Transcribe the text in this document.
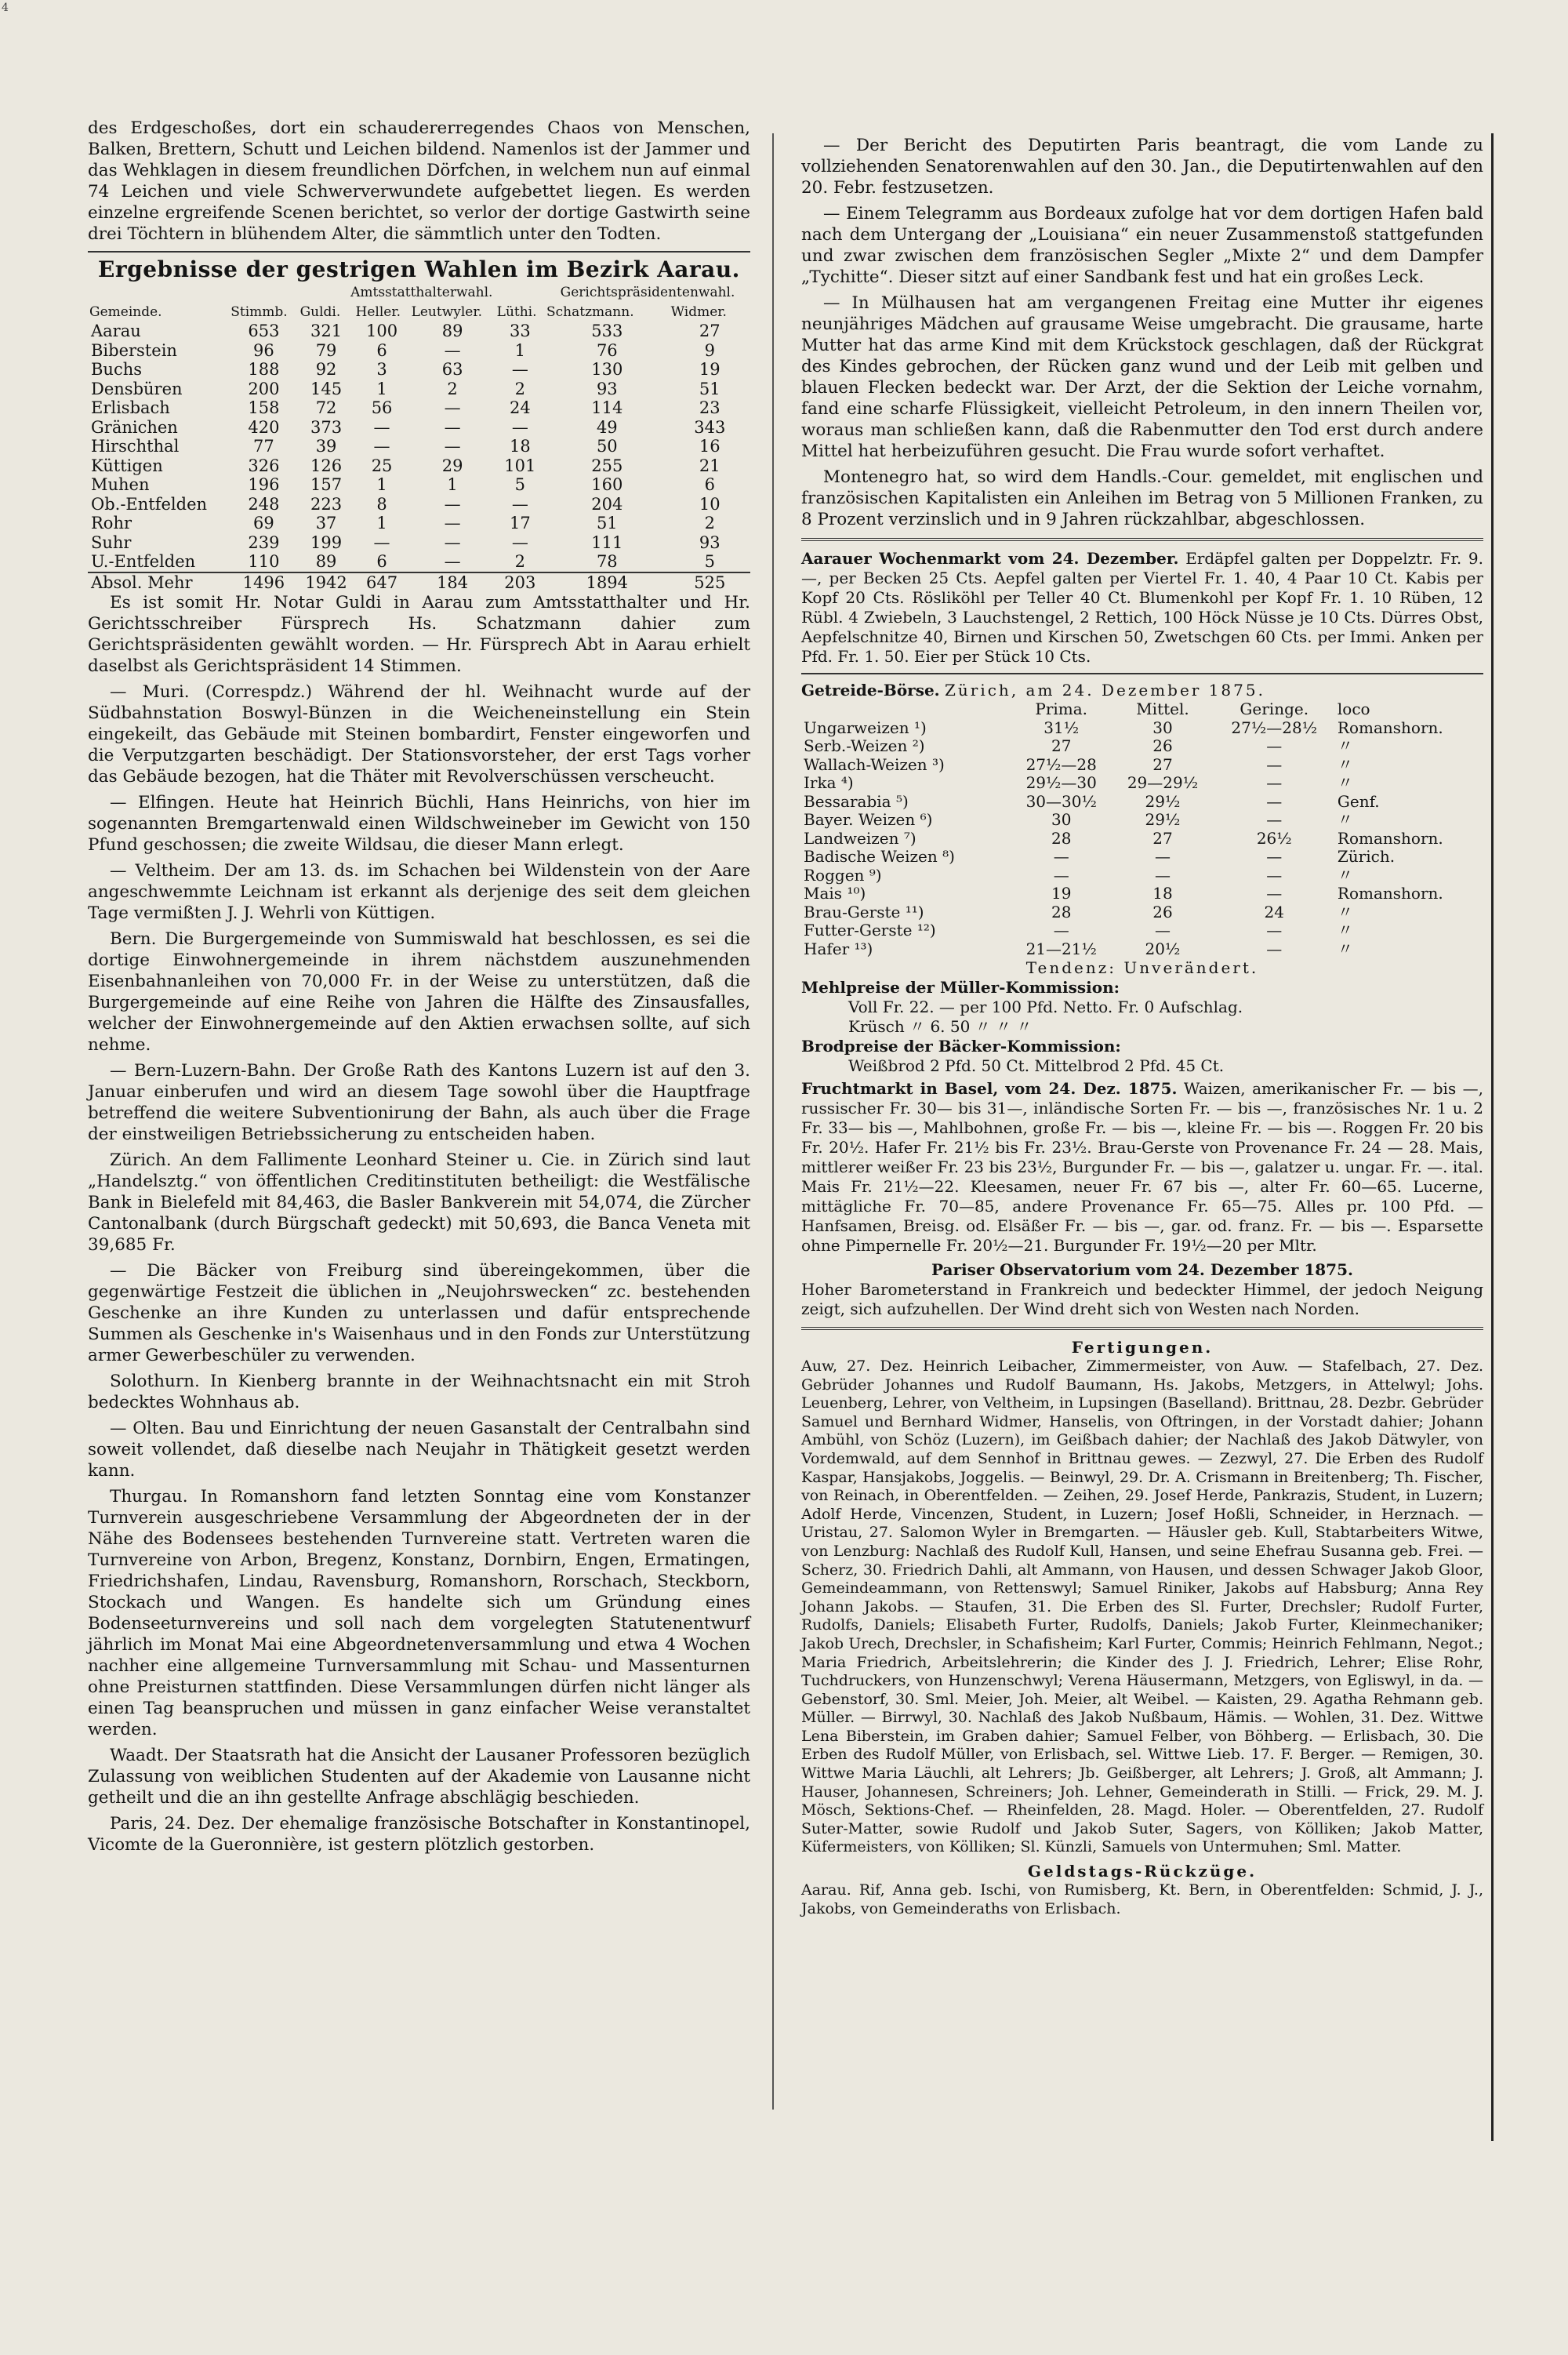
4

des Erdgeschoßes, dort ein schaudererregendes Chaos von Menschen, Balken, Brettern, Schutt und Leichen bildend. Namenlos ist der Jammer und das Wehklagen in diesem freundlichen Dörfchen, in welchem nun auf einmal 74 Leichen und viele Schwerverwundete aufgebettet liegen. Es werden einzelne ergreifende Scenen berichtet, so verlor der dortige Gastwirth seine drei Töchtern in blühendem Alter, die sämmtlich unter den Todten.

Ergebnisse der gestrigen Wahlen im Bezirk Aarau.
		Amtsstatthalterwahl.				Gerichtspräsidentenwahl.	
Gemeinde.	Stimmb.	Guldi.	Heller.	Leutwyler.	Lüthi.	Schatzmann.	Widmer.
Aarau	653	321	100	89	33	533	27
Biberstein	96	79	6	—	1	76	9
Buchs	188	92	3	63	—	130	19
Densbüren	200	145	1	2	2	93	51
Erlisbach	158	72	56	—	24	114	23
Gränichen	420	373	—	—	—	49	343
Hirschthal	77	39	—	—	18	50	16
Küttigen	326	126	25	29	101	255	21
Muhen	196	157	1	1	5	160	6
Ob.-Entfelden	248	223	8	—	—	204	10
Rohr	69	37	1	—	17	51	2
Suhr	239	199	—	—	—	111	93
U.-Entfelden	110	89	6	—	2	78	5
Absol. Mehr	1496	1942	647	184	203	1894	525

Es ist somit Hr. Notar Guldi in Aarau zum Amtsstatthalter und Hr. Gerichtsschreiber Fürsprech Hs. Schatzmann dahier zum Gerichtspräsidenten gewählt worden. — Hr. Fürsprech Abt in Aarau erhielt daselbst als Gerichtspräsident 14 Stimmen.

— Muri. (Correspdz.) Während der hl. Weihnacht wurde auf der Südbahnstation Boswyl-Bünzen in die Weicheneinstellung ein Stein eingekeilt, das Gebäude mit Steinen bombardirt, Fenster eingeworfen und die Verputzgarten beschädigt. Der Stationsvorsteher, der erst Tags vorher das Gebäude bezogen, hat die Thäter mit Revolverschüssen verscheucht.

— Elfingen. Heute hat Heinrich Büchli, Hans Heinrichs, von hier im sogenannten Bremgartenwald einen Wildschweineber im Gewicht von 150 Pfund geschossen; die zweite Wildsau, die dieser Mann erlegt.

— Veltheim. Der am 13. ds. im Schachen bei Wildenstein von der Aare angeschwemmte Leichnam ist erkannt als derjenige des seit dem gleichen Tage vermißten J. J. Wehrli von Küttigen.

Bern. Die Burgergemeinde von Summiswald hat beschlossen, es sei die dortige Einwohnergemeinde in ihrem nächstdem auszunehmenden Eisenbahnanleihen von 70,000 Fr. in der Weise zu unterstützen, daß die Burgergemeinde auf eine Reihe von Jahren die Hälfte des Zinsausfalles, welcher der Einwohnergemeinde auf den Aktien erwachsen sollte, auf sich nehme.

— Bern-Luzern-Bahn. Der Große Rath des Kantons Luzern ist auf den 3. Januar einberufen und wird an diesem Tage sowohl über die Hauptfrage betreffend die weitere Subventionirung der Bahn, als auch über die Frage der einstweiligen Betriebssicherung zu entscheiden haben.

Zürich. An dem Fallimente Leonhard Steiner u. Cie. in Zürich sind laut „Handelsztg.“ von öffentlichen Creditinstituten betheiligt: die Westfälische Bank in Bielefeld mit 84,463, die Basler Bankverein mit 54,074, die Zürcher Cantonalbank (durch Bürgschaft gedeckt) mit 50,693, die Banca Veneta mit 39,685 Fr.

— Die Bäcker von Freiburg sind übereingekommen, über die gegenwärtige Festzeit die üblichen in „Neujohrswecken“ zc. bestehenden Geschenke an ihre Kunden zu unterlassen und dafür entsprechende Summen als Geschenke in's Waisenhaus und in den Fonds zur Unterstützung armer Gewerbeschüler zu verwenden.

Solothurn. In Kienberg brannte in der Weihnachtsnacht ein mit Stroh bedecktes Wohnhaus ab.

— Olten. Bau und Einrichtung der neuen Gasanstalt der Centralbahn sind soweit vollendet, daß dieselbe nach Neujahr in Thätigkeit gesetzt werden kann.

Thurgau. In Romanshorn fand letzten Sonntag eine vom Konstanzer Turnverein ausgeschriebene Versammlung der Abgeordneten der in der Nähe des Bodensees bestehenden Turnvereine statt. Vertreten waren die Turnvereine von Arbon, Bregenz, Konstanz, Dornbirn, Engen, Ermatingen, Friedrichshafen, Lindau, Ravensburg, Romanshorn, Rorschach, Steckborn, Stockach und Wangen. Es handelte sich um Gründung eines Bodenseeturnvereins und soll nach dem vorgelegten Statutenentwurf jährlich im Monat Mai eine Abgeordnetenversammlung und etwa 4 Wochen nachher eine allgemeine Turnversammlung mit Schau- und Massenturnen ohne Preisturnen stattfinden. Diese Versammlungen dürfen nicht länger als einen Tag beanspruchen und müssen in ganz einfacher Weise veranstaltet werden.

Waadt. Der Staatsrath hat die Ansicht der Lausaner Professoren bezüglich Zulassung von weiblichen Studenten auf der Akademie von Lausanne nicht getheilt und die an ihn gestellte Anfrage abschlägig beschieden.

Paris, 24. Dez. Der ehemalige französische Botschafter in Konstantinopel, Vicomte de la Gueronnière, ist gestern plötzlich gestorben.

— Der Bericht des Deputirten Paris beantragt, die vom Lande zu vollziehenden Senatorenwahlen auf den 30. Jan., die Deputirtenwahlen auf den 20. Febr. festzusetzen.

— Einem Telegramm aus Bordeaux zufolge hat vor dem dortigen Hafen bald nach dem Untergang der „Louisiana“ ein neuer Zusammenstoß stattgefunden und zwar zwischen dem französischen Segler „Mixte 2“ und dem Dampfer „Tychitte“. Dieser sitzt auf einer Sandbank fest und hat ein großes Leck.

— In Mülhausen hat am vergangenen Freitag eine Mutter ihr eigenes neunjähriges Mädchen auf grausame Weise umgebracht. Die grausame, harte Mutter hat das arme Kind mit dem Krückstock geschlagen, daß der Rückgrat des Kindes gebrochen, der Rücken ganz wund und der Leib mit gelben und blauen Flecken bedeckt war. Der Arzt, der die Sektion der Leiche vornahm, fand eine scharfe Flüssigkeit, vielleicht Petroleum, in den innern Theilen vor, woraus man schließen kann, daß die Rabenmutter den Tod erst durch andere Mittel hat herbeizuführen gesucht. Die Frau wurde sofort verhaftet.

Montenegro hat, so wird dem Handls.-Cour. gemeldet, mit englischen und französischen Kapitalisten ein Anleihen im Betrag von 5 Millionen Franken, zu 8 Prozent verzinslich und in 9 Jahren rückzahlbar, abgeschlossen.

Aarauer Wochenmarkt vom 24. Dezember. Erdäpfel galten per Doppelztr. Fr. 9. —, per Becken 25 Cts. Aepfel galten per Viertel Fr. 1. 40, 4 Paar 10 Ct. Kabis per Kopf 20 Cts. Rösliköhl per Teller 40 Ct. Blumenkohl per Kopf Fr. 1. 10 Rüben, 12 Rübl. 4 Zwiebeln, 3 Lauchstengel, 2 Rettich, 100 Höck Nüsse je 10 Cts. Dürres Obst, Aepfelschnitze 40, Birnen und Kirschen 50, Zwetschgen 60 Cts. per Immi. Anken per Pfd. Fr. 1. 50. Eier per Stück 10 Cts.

Getreide-Börse. Zürich, am 24. Dezember 1875.
	Prima.	Mittel.	Geringe.	loco
Ungarweizen ¹)	31½	30	27½—28½	Romanshorn.
Serb.-Weizen ²)	27	26	—	〃
Wallach-Weizen ³)	27½—28	27	—	〃
Irka ⁴)	29½—30	29—29½	—	〃
Bessarabia ⁵)	30—30½	29½	—	Genf.
Bayer. Weizen ⁶)	30	29½	—	〃
Landweizen ⁷)	28	27	26½	Romanshorn.
Badische Weizen ⁸)	—	—	—	Zürich.
Roggen ⁹)	—	—	—	〃
Mais ¹⁰)	19	18	—	Romanshorn.
Brau-Gerste ¹¹)	28	26	24	〃
Futter-Gerste ¹²)	—	—	—	〃
Hafer ¹³)	21—21½	20½	—	〃
Tendenz: Unverändert.
Mehlpreise der Müller-Kommission:
Voll Fr. 22. — per 100 Pfd. Netto. Fr. 0 Aufschlag.
Krüsch 〃 6. 50 〃 〃 〃
Brodpreise der Bäcker-Kommission:
Weißbrod 2 Pfd. 50 Ct. Mittelbrod 2 Pfd. 45 Ct.

Fruchtmarkt in Basel, vom 24. Dez. 1875. Waizen, amerikanischer Fr. — bis —, russischer Fr. 30— bis 31—, inländische Sorten Fr. — bis —, französisches Nr. 1 u. 2 Fr. 33— bis —, Mahlbohnen, große Fr. — bis —, kleine Fr. — bis —. Roggen Fr. 20 bis Fr. 20½. Hafer Fr. 21½ bis Fr. 23½. Brau-Gerste von Provenance Fr. 24 — 28. Mais, mittlerer weißer Fr. 23 bis 23½, Burgunder Fr. — bis —, galatzer u. ungar. Fr. —. ital. Mais Fr. 21½—22. Kleesamen, neuer Fr. 67 bis —, alter Fr. 60—65. Lucerne, mittägliche Fr. 70—85, andere Provenance Fr. 65—75. Alles pr. 100 Pfd. — Hanfsamen, Breisg. od. Elsäßer Fr. — bis —, gar. od. franz. Fr. — bis —. Esparsette ohne Pimpernelle Fr. 20½—21. Burgunder Fr. 19½—20 per Mltr.

Pariser Observatorium vom 24. Dezember 1875.

Hoher Barometerstand in Frankreich und bedeckter Himmel, der jedoch Neigung zeigt, sich aufzuhellen. Der Wind dreht sich von Westen nach Norden.

Fertigungen.

Auw, 27. Dez. Heinrich Leibacher, Zimmermeister, von Auw. — Stafelbach, 27. Dez. Gebrüder Johannes und Rudolf Baumann, Hs. Jakobs, Metzgers, in Attelwyl; Johs. Leuenberg, Lehrer, von Veltheim, in Lupsingen (Baselland). Brittnau, 28. Dezbr. Gebrüder Samuel und Bernhard Widmer, Hanselis, von Oftringen, in der Vorstadt dahier; Johann Ambühl, von Schöz (Luzern), im Geißbach dahier; der Nachlaß des Jakob Dätwyler, von Vordemwald, auf dem Sennhof in Brittnau gewes. — Zezwyl, 27. Die Erben des Rudolf Kaspar, Hansjakobs, Joggelis. — Beinwyl, 29. Dr. A. Crismann in Breitenberg; Th. Fischer, von Reinach, in Oberentfelden. — Zeihen, 29. Josef Herde, Pankrazis, Student, in Luzern; Adolf Herde, Vincenzen, Student, in Luzern; Josef Hoßli, Schneider, in Herznach. — Uristau, 27. Salomon Wyler in Bremgarten. — Häusler geb. Kull, Stabtarbeiters Witwe, von Lenzburg: Nachlaß des Rudolf Kull, Hansen, und seine Ehefrau Susanna geb. Frei. — Scherz, 30. Friedrich Dahli, alt Ammann, von Hausen, und dessen Schwager Jakob Gloor, Gemeindeammann, von Rettenswyl; Samuel Riniker, Jakobs auf Habsburg; Anna Rey Johann Jakobs. — Staufen, 31. Die Erben des Sl. Furter, Drechsler; Rudolf Furter, Rudolfs, Daniels; Elisabeth Furter, Rudolfs, Daniels; Jakob Furter, Kleinmechaniker; Jakob Urech, Drechsler, in Schafisheim; Karl Furter, Commis; Heinrich Fehlmann, Negot.; Maria Friedrich, Arbeitslehrerin; die Kinder des J. J. Friedrich, Lehrer; Elise Rohr, Tuchdruckers, von Hunzenschwyl; Verena Häusermann, Metzgers, von Egliswyl, in da. — Gebenstorf, 30. Sml. Meier, Joh. Meier, alt Weibel. — Kaisten, 29. Agatha Rehmann geb. Müller. — Birrwyl, 30. Nachlaß des Jakob Nußbaum, Hämis. — Wohlen, 31. Dez. Wittwe Lena Biberstein, im Graben dahier; Samuel Felber, von Böhberg. — Erlisbach, 30. Die Erben des Rudolf Müller, von Erlisbach, sel. Wittwe Lieb. 17. F. Berger. — Remigen, 30. Wittwe Maria Läuchli, alt Lehrers; Jb. Geißberger, alt Lehrers; J. Groß, alt Ammann; J. Hauser, Johannesen, Schreiners; Joh. Lehner, Gemeinderath in Stilli. — Frick, 29. M. J. Mösch, Sektions-Chef. — Rheinfelden, 28. Magd. Holer. — Oberentfelden, 27. Rudolf Suter-Matter, sowie Rudolf und Jakob Suter, Sagers, von Kölliken; Jakob Matter, Küfermeisters, von Kölliken; Sl. Künzli, Samuels von Untermuhen; Sml. Matter.

Geldstags-Rückzüge.

Aarau. Rif, Anna geb. Ischi, von Rumisberg, Kt. Bern, in Oberentfelden: Schmid, J. J., Jakobs, von Gemeinderaths von Erlisbach.
